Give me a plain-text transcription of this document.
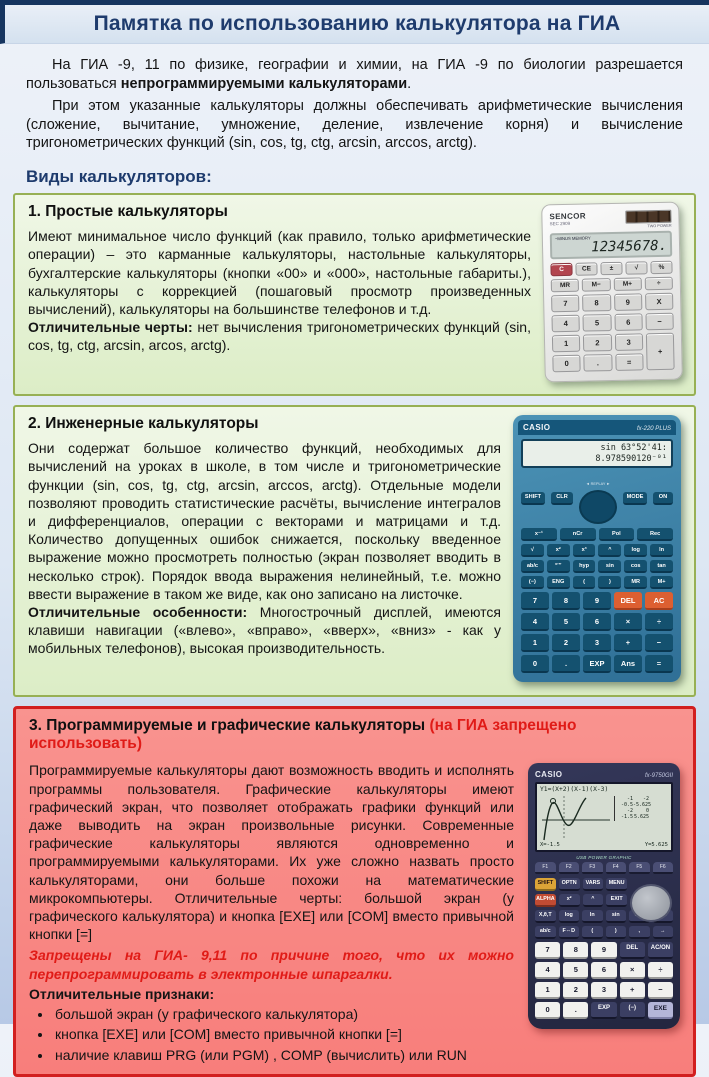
Памятка по использованию калькулятора на ГИА

На ГИА -9, 11 по физике, географии и химии, на ГИА -9 по биологии разрешается пользоваться непрограммируемыми калькуляторами.

При этом указанные калькуляторы должны обеспечивать арифметические вычисления (сложение, вычитание, умножение, деление, извлечение корня) и вычисление тригонометрических функций (sin, cos, tg, ctg, arcsin, arccos, arctg).

Виды калькуляторов:
SENCOR
SEC 2909	TWO POWER
−MINUS MEMORY 12345678.
C	CE	±	√	%
MR	M−	M+	÷
7	8	9	X
4	5	6	−
1	2	3
+
0	.	=
1. Простые калькуляторы
Имеют минимальное число функций (как правило, только арифметические операции) – это карманные калькуляторы, настольные калькуляторы, бухгалтерские калькуляторы (кнопки «00» и «000», настольные габариты.), калькуляторы с коррекцией (пошаговый просмотр произведенных вычислений), калькуляторы на большинстве телефонов и т.д.
Отличительные черты: нет вычисления тригонометрических функций (sin, cos, tg, ctg, arcsin, arcos, arctg).
CASIO	fx-220 PLUS
sin 63°52'41:
8.978590120⁻⁰¹
SHIFT	CLR
◄ REPLAY ►
MODE	ON
x⁻¹	nCr	Pol	Rec
√	x²	x³	^	log	ln
ab/c	°’”	hyp	sin	cos	tan
(−)	ENG	(	)	MR	M+
7	8	9	DEL	AC
4	5	6	×	÷
1	2	3	+	−
0	.	EXP	Ans	=
2. Инженерные калькуляторы
Они содержат большое количество функций, необходимых для вычислений на уроках в школе, в том числе и тригонометрические функции (sin, cos, tg, ctg, arcsin, arccos, arctg). Отдельные модели позволяют проводить статистические расчёты, вычисление интегралов и дифференциалов, операции с векторами и матрицами и т.д. Количество допущенных ошибок снижается, поскольку введенное выражение можно просмотреть полностью (экран позволяет вводить в несколько строк). Порядок ввода выражения нелинейный, т.е. можно ввести выражение в таком же виде, как оно записано на листочке.
Отличительные особенности: Многострочный дисплей, имеются клавиши навигации («влево», «вправо», «вверх», «вниз» - как у мобильных телефонов), высокая производительность.
3. Программируемые и графические калькуляторы (на ГИА запрещено использовать)
CASIO	fx-9750GII
Y1=(X+2)(X-1)(X-3)
-1 -2
-0.5-5.625
-2	0
-1.55.625
X=-1.5	Y=5.625
USB POWER GRAPHIC
F1	F2	F3	F4	F5	F6
SHIFT	OPTN	VARS	MENU
ALPHA	x²	^	EXIT
X,θ,T	log	ln	sin
ab/c	F⇔D	(	)	,	→
7	8	9	DEL	AC/ON
4	5	6	×	÷
1	2	3	+	−
0	.	EXP	(−)	EXE
Программируемые калькуляторы дают возможность вводить и исполнять программы пользователя. Графические калькуляторы имеют графический экран, что позволяет отображать графики функций или даже выводить на экран произвольные рисунки. Современные графические калькуляторы являются одновременно и программируемыми калькуляторами. Их уже сложно назвать просто калькуляторами, они больше похожи на математические микрокомпьютеры. Отличительные черты: большой экран (у графического калькулятора) и кнопка [EXE] или [COM] вместо привычной кнопки [=]
Запрещены на ГИА- 9,11 по причине того, что их можно перепрограммировать в электронные шпаргалки.
Отличительные признаки:
• большой экран (у графического калькулятора)
• кнопка [EXE] или [COM] вместо привычной кнопки [=]
• наличие клавиш PRG (или PGM) , COMP (вычислить) или RUN
